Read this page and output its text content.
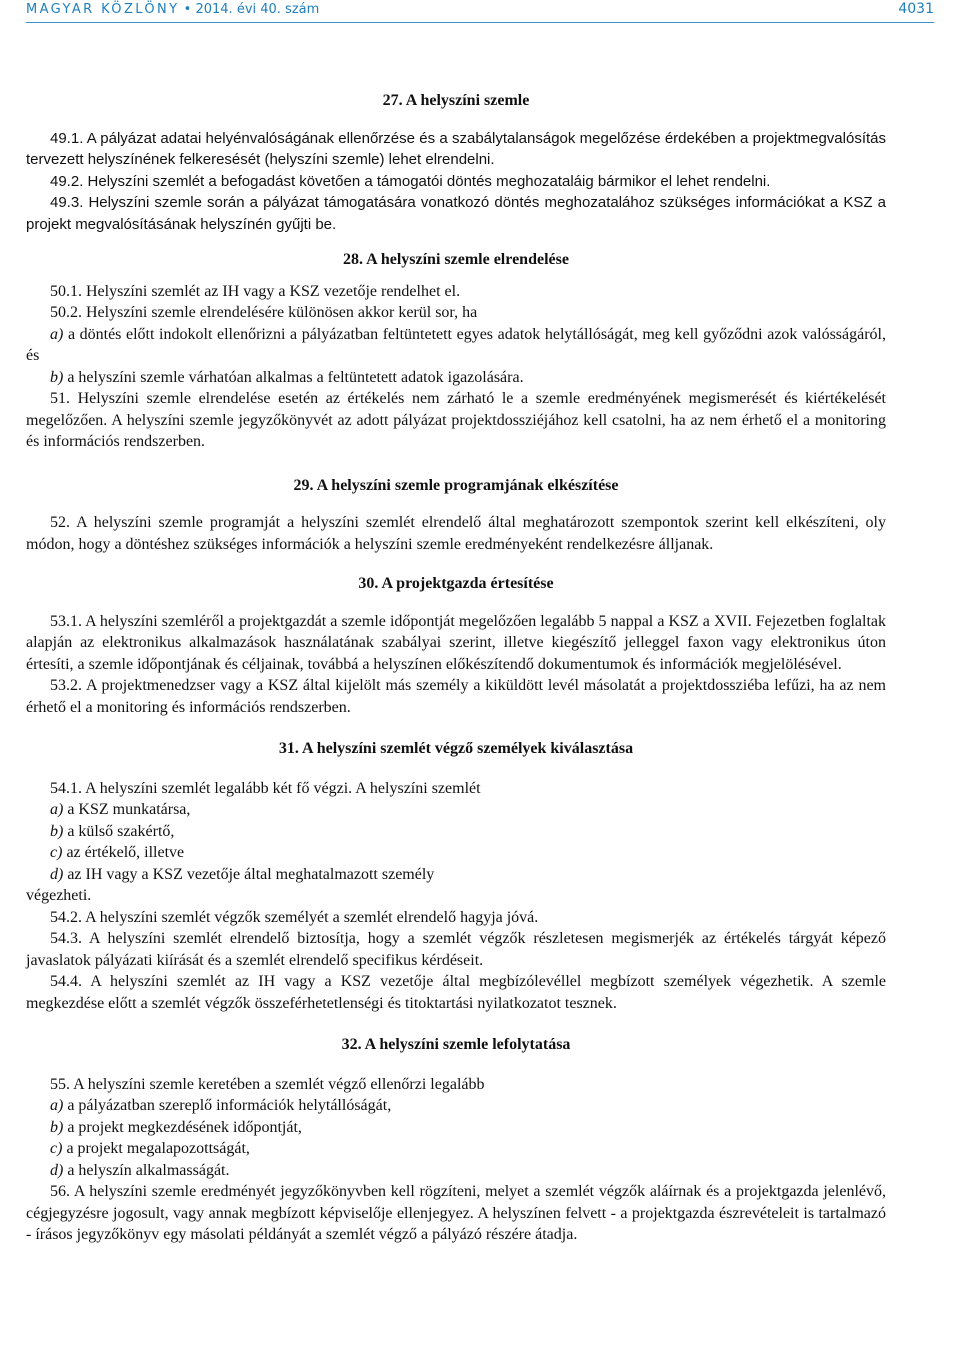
MAGYAR KÖZLÖNY • 2014. évi 40. szám	4031

27. A helyszíni szemle

49.1. A pályázat adatai helyénvalóságának ellenőrzése és a szabálytalanságok megelőzése érdekében a projektmegvalósítás tervezett helyszínének felkeresését (helyszíni szemle) lehet elrendelni.

49.2. Helyszíni szemlét a befogadást követően a támogatói döntés meghozataláig bármikor el lehet rendelni.

49.3. Helyszíni szemle során a pályázat támogatására vonatkozó döntés meghozatalához szükséges információkat a KSZ a projekt megvalósításának helyszínén gyűjti be.

28. A helyszíni szemle elrendelése

50.1. Helyszíni szemlét az IH vagy a KSZ vezetője rendelhet el.

50.2. Helyszíni szemle elrendelésére különösen akkor kerül sor, ha

a) a döntés előtt indokolt ellenőrizni a pályázatban feltüntetett egyes adatok helytállóságát, meg kell győződni azok valósságáról, és

b) a helyszíni szemle várhatóan alkalmas a feltüntetett adatok igazolására.

51. Helyszíni szemle elrendelése esetén az értékelés nem zárható le a szemle eredményének megismerését és kiértékelését megelőzően. A helyszíni szemle jegyzőkönyvét az adott pályázat projektdossziéjához kell csatolni, ha az nem érhető el a monitoring és információs rendszerben.

29. A helyszíni szemle programjának elkészítése

52. A helyszíni szemle programját a helyszíni szemlét elrendelő által meghatározott szempontok szerint kell elkészíteni, oly módon, hogy a döntéshez szükséges információk a helyszíni szemle eredményeként rendelkezésre álljanak.

30. A projektgazda értesítése

53.1. A helyszíni szemléről a projektgazdát a szemle időpontját megelőzően legalább 5 nappal a KSZ a XVII. Fejezetben foglaltak alapján az elektronikus alkalmazások használatának szabályai szerint, illetve kiegészítő jelleggel faxon vagy elektronikus úton értesíti, a szemle időpontjának és céljainak, továbbá a helyszínen előkészítendő dokumentumok és információk megjelölésével.

53.2. A projektmenedzser vagy a KSZ által kijelölt más személy a kiküldött levél másolatát a projektdossziéba lefűzi, ha az nem érhető el a monitoring és információs rendszerben.

31. A helyszíni szemlét végző személyek kiválasztása

54.1. A helyszíni szemlét legalább két fő végzi. A helyszíni szemlét

a) a KSZ munkatársa,

b) a külső szakértő,

c) az értékelő, illetve

d) az IH vagy a KSZ vezetője által meghatalmazott személy

végezheti.

54.2. A helyszíni szemlét végzők személyét a szemlét elrendelő hagyja jóvá.

54.3. A helyszíni szemlét elrendelő biztosítja, hogy a szemlét végzők részletesen megismerjék az értékelés tárgyát képező javaslatok pályázati kiírását és a szemlét elrendelő specifikus kérdéseit.

54.4. A helyszíni szemlét az IH vagy a KSZ vezetője által megbízólevéllel megbízott személyek végezhetik. A szemle megkezdése előtt a szemlét végzők összeférhetetlenségi és titoktartási nyilatkozatot tesznek.

32. A helyszíni szemle lefolytatása

55. A helyszíni szemle keretében a szemlét végző ellenőrzi legalább

a) a pályázatban szereplő információk helytállóságát,

b) a projekt megkezdésének időpontját,

c) a projekt megalapozottságát,

d) a helyszín alkalmasságát.

56. A helyszíni szemle eredményét jegyzőkönyvben kell rögzíteni, melyet a szemlét végzők aláírnak és a projektgazda jelenlévő, cégjegyzésre jogosult, vagy annak megbízott képviselője ellenjegyez. A helyszínen felvett - a projektgazda észrevételeit is tartalmazó - írásos jegyzőkönyv egy másolati példányát a szemlét végző a pályázó részére átadja.
